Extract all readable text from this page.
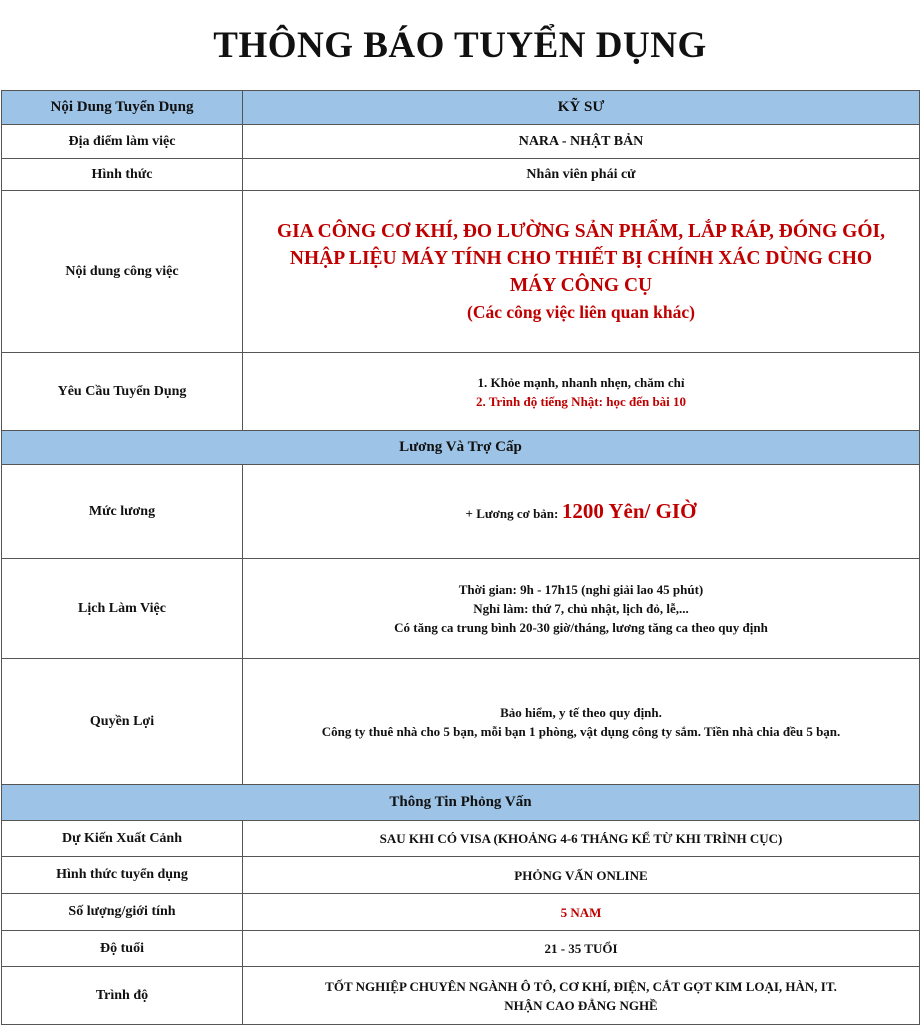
THÔNG BÁO TUYỂN DỤNG
Nội Dung Tuyển Dụng	KỸ SƯ
Địa điểm làm việc	NARA - NHẬT BẢN
Hình thức	Nhân viên phái cử
Nội dung công việc	GIA CÔNG CƠ KHÍ, ĐO LƯỜNG SẢN PHẨM, LẮP RÁP, ĐÓNG GÓI,
NHẬP LIỆU MÁY TÍNH CHO THIẾT BỊ CHÍNH XÁC DÙNG CHO
MÁY CÔNG CỤ
(Các công việc liên quan khác)

Yêu Cầu Tuyển Dụng	1. Khỏe mạnh, nhanh nhẹn, chăm chỉ
2. Trình độ tiếng Nhật: học đến bài 10

Lương Và Trợ Cấp	
Mức lương	+ Lương cơ bản: 1200 Yên/ GIỜ
Lịch Làm Việc	Thời gian: 9h - 17h15 (nghỉ giải lao 45 phút)
Nghỉ làm: thứ 7, chủ nhật, lịch đỏ, lễ,...
Có tăng ca trung bình 20-30 giờ/tháng, lương tăng ca theo quy định

Quyền Lợi	Bảo hiểm, y tế theo quy định.
Công ty thuê nhà cho 5 bạn, mỗi bạn 1 phòng, vật dụng công ty sắm. Tiền nhà chia đều 5 bạn.

Thông Tin Phỏng Vấn	
Dự Kiến Xuất Cảnh	SAU KHI CÓ VISA (KHOẢNG 4-6 THÁNG KỂ TỪ KHI TRÌNH CỤC)
Hình thức tuyển dụng	PHỎNG VẤN ONLINE
Số lượng/giới tính	5 NAM
Độ tuổi	21 - 35 TUỔI
Trình độ	TỐT NGHIỆP CHUYÊN NGÀNH Ô TÔ, CƠ KHÍ, ĐIỆN, CẮT GỌT KIM LOẠI, HÀN, IT.
NHẬN CAO ĐẲNG NGHỀ
